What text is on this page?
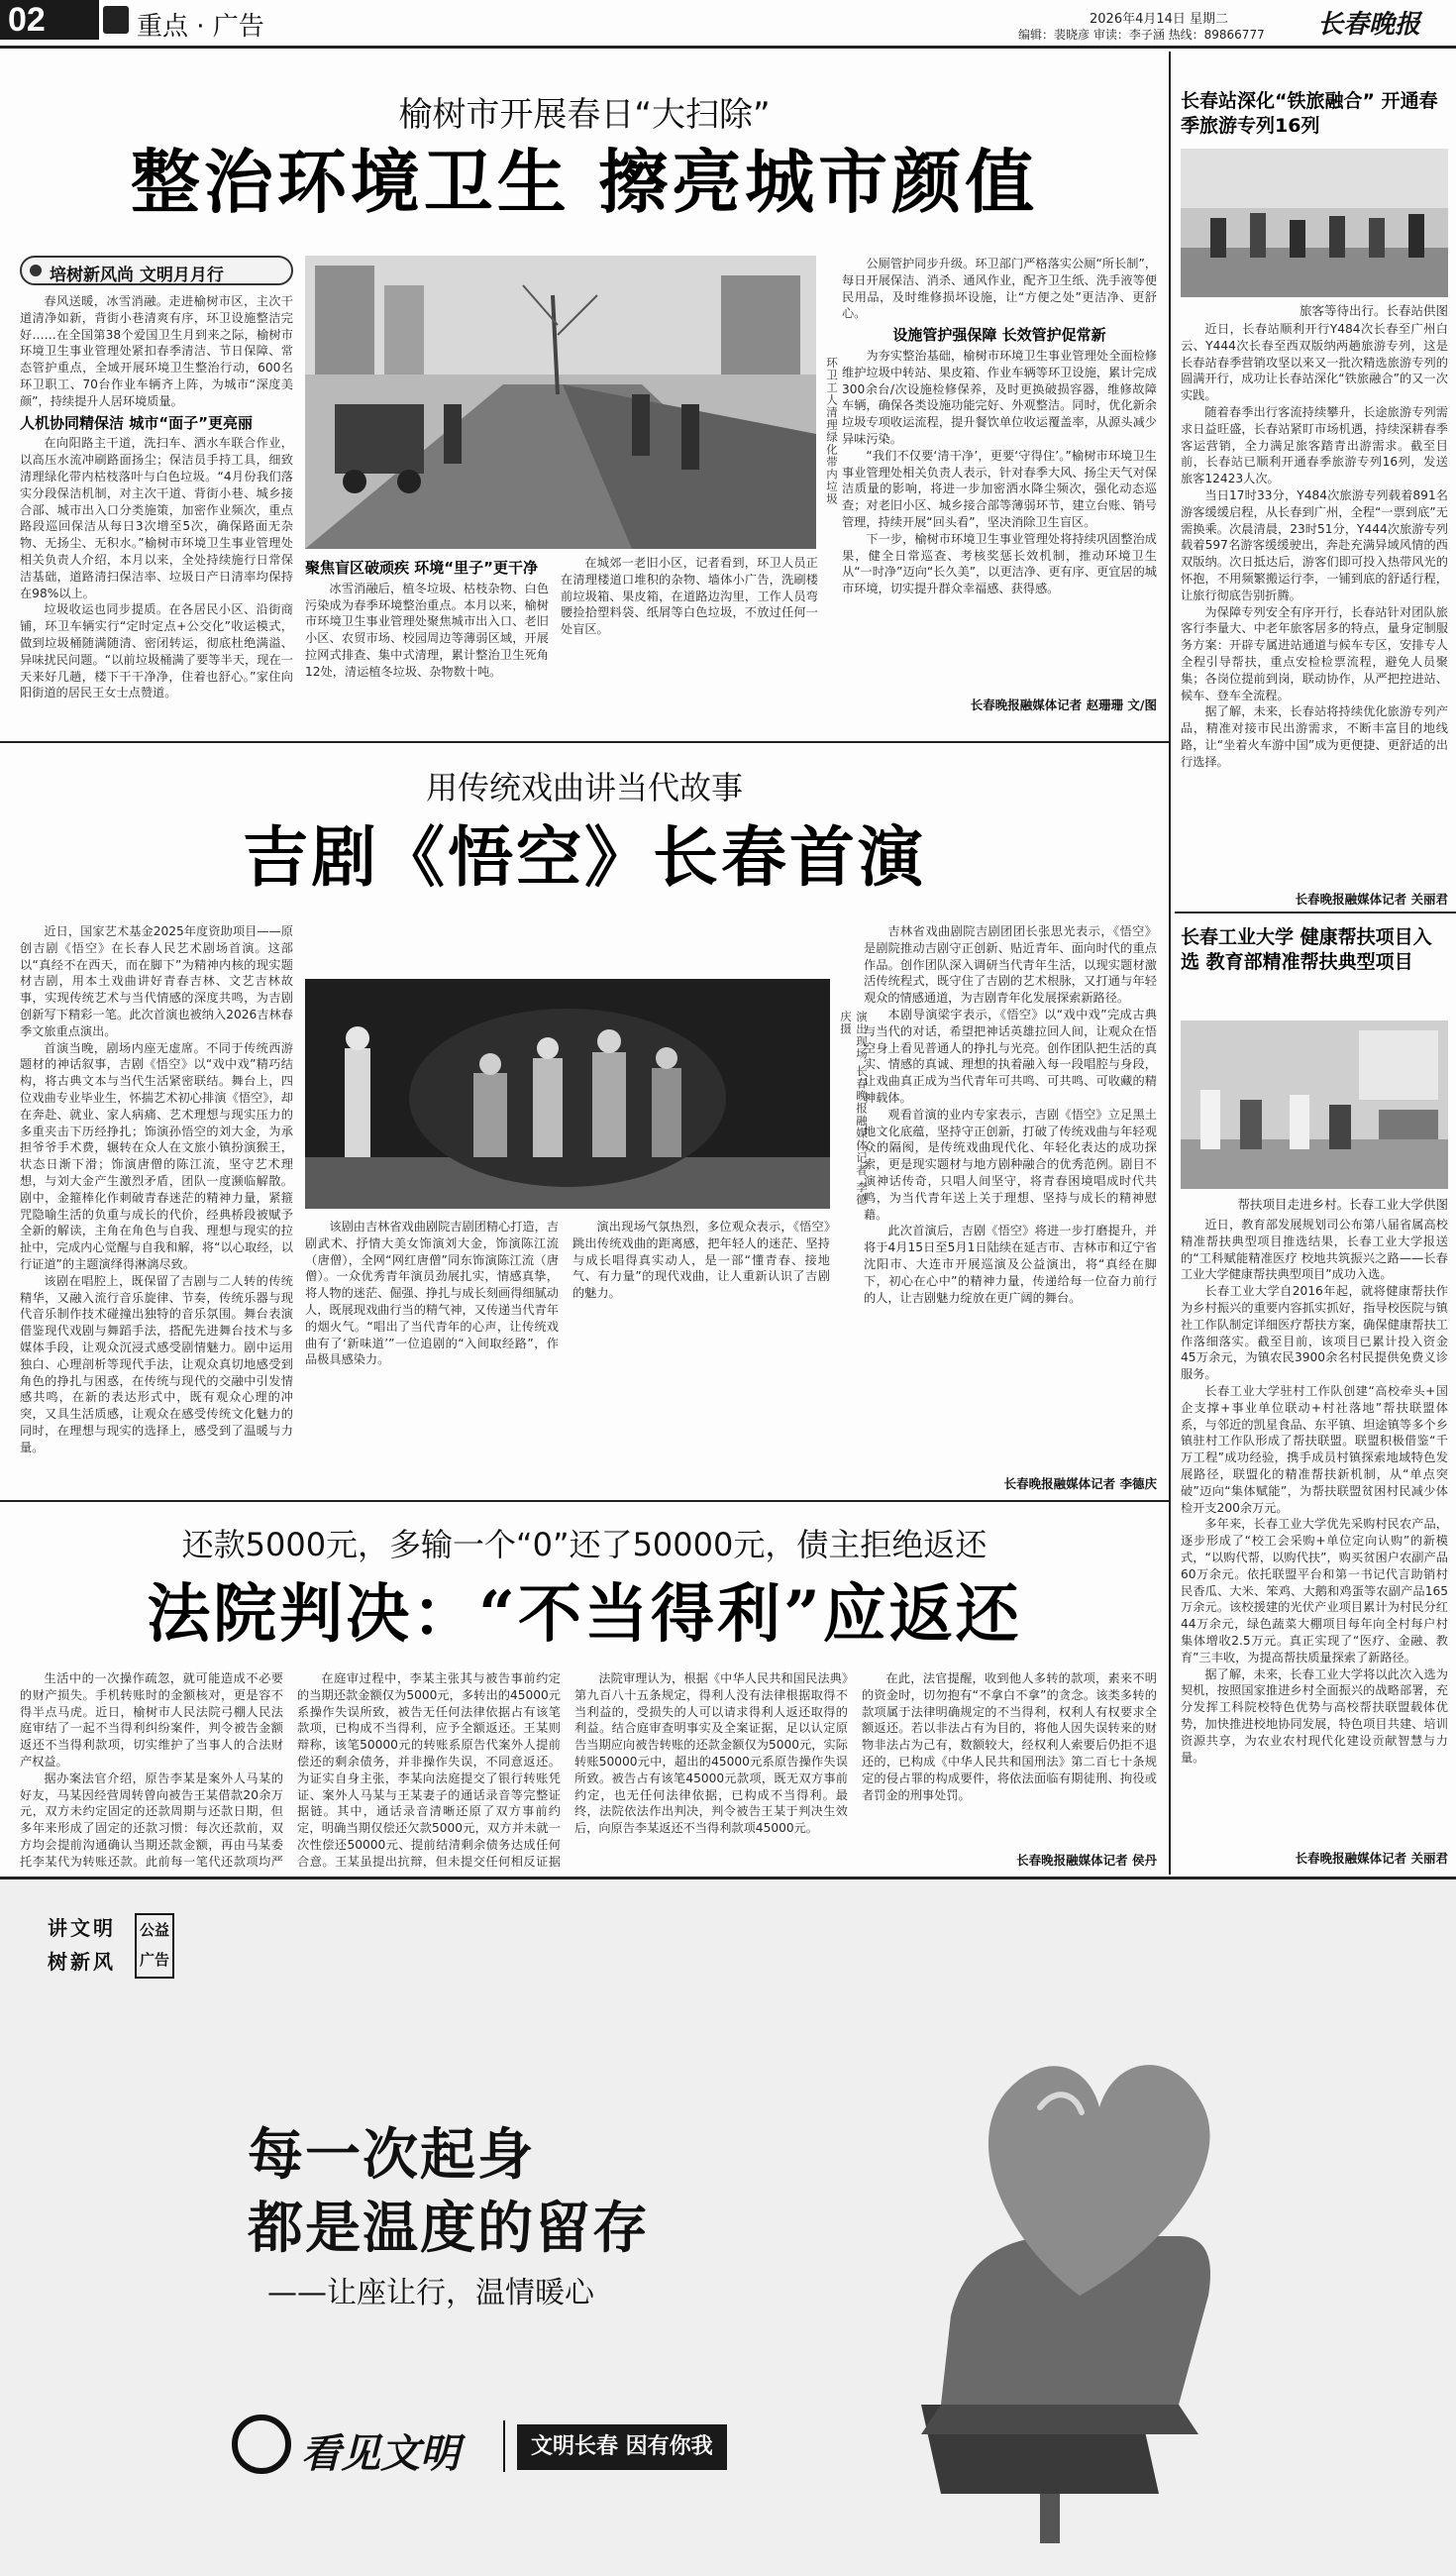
02	重点 · 广告	2026年4月14日 星期二
编辑：裴晓彦 审读：李子涵 热线：89866777 长春晚报
榆树市开展春日“大扫除”
整治环境卫生 擦亮城市颜值
培树新风尚 文明月月行

春风送暖，冰雪消融。走进榆树市区，主次干道清净如新，背街小巷清爽有序，环卫设施整洁完好……在全国第38个爱国卫生月到来之际，榆树市环境卫生事业管理处紧扣春季清洁、节日保障、常态管护重点，全域开展环境卫生整治行动，600名环卫职工、70台作业车辆齐上阵，为城市“深度美颜”，持续提升人居环境质量。

人机协同精保洁 城市“面子”更亮丽

在向阳路主干道，洗扫车、洒水车联合作业，以高压水流冲刷路面扬尘；保洁员手持工具，细致清理绿化带内枯枝落叶与白色垃圾。“4月份我们落实分段保洁机制，对主次干道、背街小巷、城乡接合部、城市出入口分类施策，加密作业频次，重点路段巡回保洁从每日3次增至5次，确保路面无杂物、无扬尘、无积水。”榆树市环境卫生事业管理处相关负责人介绍，本月以来，全处持续施行日常保洁基础，道路清扫保洁率、垃圾日产日清率均保持在98%以上。

垃圾收运也同步提质。在各居民小区、沿街商铺，环卫车辆实行“定时定点+公交化”收运模式，做到垃圾桶随满随清、密闭转运，彻底杜绝满溢、异味扰民问题。“以前垃圾桶满了要等半天，现在一天来好几趟，楼下干干净净，住着也舒心。”家住向阳街道的居民王女士点赞道。

环卫工人清理绿化带内垃圾
聚焦盲区破顽疾 环境“里子”更干净

冰雪消融后，植冬垃圾、枯枝杂物、白色污染成为春季环境整治重点。本月以来，榆树市环境卫生事业管理处聚焦城市出入口、老旧小区、农贸市场、校园周边等薄弱区域，开展拉网式排查、集中式清理，累计整治卫生死角12处，清运植冬垃圾、杂物数十吨。

在城郊一老旧小区，记者看到，环卫人员正在清理楼道口堆积的杂物、墙体小广告，洗刷楼前垃圾箱、果皮箱，在道路边沟里，工作人员弯腰捡拾塑料袋、纸屑等白色垃圾，不放过任何一处盲区。

公厕管护同步升级。环卫部门严格落实公厕“所长制”，每日开展保洁、消杀、通风作业，配齐卫生纸、洗手液等便民用品，及时维修损坏设施，让“方便之处”更洁净、更舒心。

设施管护强保障 长效管护促常新

为夯实整治基础，榆树市环境卫生事业管理处全面检修维护垃圾中转站、果皮箱、作业车辆等环卫设施，累计完成300余台/次设施检修保养，及时更换破损容器，维修故障车辆，确保各类设施功能完好、外观整洁。同时，优化新余垃圾专项收运流程，提升餐饮单位收运覆盖率，从源头减少异味污染。

“我们不仅要‘清干净’，更要‘守得住’。”榆树市环境卫生事业管理处相关负责人表示，针对春季大风、扬尘天气对保洁质量的影响，将进一步加密洒水降尘频次，强化动态巡查；对老旧小区、城乡接合部等薄弱环节，建立台账、销号管理，持续开展“回头看”，坚决消除卫生盲区。

下一步，榆树市环境卫生事业管理处将持续巩固整治成果，健全日常巡查、考核奖惩长效机制，推动环境卫生从“一时净”迈向“长久美”，以更洁净、更有序、更宜居的城市环境，切实提升群众幸福感、获得感。

长春晚报融媒体记者 赵珊珊 文/图
用传统戏曲讲当代故事
吉剧《悟空》长春首演

近日，国家艺术基金2025年度资助项目——原创吉剧《悟空》在长春人民艺术剧场首演。这部以“真经不在西天，而在脚下”为精神内核的现实题材吉剧，用本土戏曲讲好青春吉林、文艺吉林故事，实现传统艺术与当代情感的深度共鸣，为吉剧创新写下精彩一笔。此次首演也被纳入2026吉林春季文旅重点演出。

首演当晚，剧场内座无虚席。不同于传统西游题材的神话叙事，吉剧《悟空》以“戏中戏”精巧结构，将古典文本与当代生活紧密联结。舞台上，四位戏曲专业毕业生，怀揣艺术初心排演《悟空》，却在奔赴、就业、家人病痛、艺术理想与现实压力的多重夹击下历经挣扎；饰演孙悟空的刘大金，为承担爷爷手术费，辗转在众人在文旅小镇扮演猴王，状态日渐下滑；饰演唐僧的陈江流，坚守艺术理想，与刘大金产生激烈矛盾，团队一度濒临解散。剧中，金箍棒化作刺破青春迷茫的精神力量，紧箍咒隐喻生活的负重与成长的代价，经典桥段被赋予全新的解读，主角在角色与自我、理想与现实的拉扯中，完成内心觉醒与自我和解，将“以心取经，以行证道”的主题演绎得淋漓尽致。

该剧在唱腔上，既保留了吉剧与二人转的传统精华，又融入流行音乐旋律、节奏，传统乐器与现代音乐制作技术碰撞出独特的音乐氛围。舞台表演借鉴现代戏剧与舞蹈手法，搭配先进舞台技术与多媒体手段，让观众沉浸式感受剧情魅力。剧中运用独白、心理剖析等现代手法，让观众真切地感受到角色的挣扎与困惑，在传统与现代的交融中引发情感共鸣，在新的表达形式中，既有观众心理的冲突，又具生活质感，让观众在感受传统文化魅力的同时，在理想与现实的选择上，感受到了温暖与力量。

演出现场 长春晚报融媒体记者 李德庆摄

该剧由吉林省戏曲剧院吉剧团精心打造，吉剧武术、抒情大美女饰演刘大金，饰演陈江流（唐僧），全网“网红唐僧”同东饰演陈江流（唐僧）。一众优秀青年演员劲展扎实，情感真挚，将人物的迷茫、倔强、挣扎与成长刻画得细腻动人，既展现戏曲行当的精气神，又传递当代青年的烟火气。“唱出了当代青年的心声，让传统戏曲有了‘新味道’”一位追剧的“入间取经路”，作品极具感染力。

演出现场气氛热烈，多位观众表示，《悟空》跳出传统戏曲的距离感，把年轻人的迷茫、坚持与成长唱得真实动人，是一部“懂青春、接地气、有力量”的现代戏曲，让人重新认识了吉剧的魅力。

吉林省戏曲剧院吉剧团团长张思光表示，《悟空》是剧院推动吉剧守正创新、贴近青年、面向时代的重点作品。创作团队深入调研当代青年生活，以现实题材激活传统程式，既守住了吉剧的艺术根脉，又打通与年轻观众的情感通道，为吉剧青年化发展探索新路径。

本剧导演梁宇表示，《悟空》以“戏中戏”完成古典与当代的对话，希望把神话英雄拉回人间，让观众在悟空身上看见普通人的挣扎与光亮。创作团队把生活的真实、情感的真诚、理想的执着融入每一段唱腔与身段，让戏曲真正成为当代青年可共鸣、可共鸣、可收藏的精神载体。

观看首演的业内专家表示，吉剧《悟空》立足黑土地文化底蕴，坚持守正创新，打破了传统戏曲与年轻观众的隔阂，是传统戏曲现代化、年轻化表达的成功探索，更是现实题材与地方剧种融合的优秀范例。剧目不演神话传奇，只唱人间坚守，将青春困境唱成时代共鸣，为当代青年送上关于理想、坚持与成长的精神慰藉。

此次首演后，吉剧《悟空》将进一步打磨提升，并将于4月15日至5月1日陆续在延吉市、吉林市和辽宁省沈阳市、大连市开展巡演及公益演出，将“真经在脚下，初心在心中”的精神力量，传递给每一位奋力前行的人，让吉剧魅力绽放在更广阔的舞台。

长春晚报融媒体记者 李德庆
还款5000元，多输一个“0”还了50000元，债主拒绝返还
法院判决：“不当得利”应返还

生活中的一次操作疏忽，就可能造成不必要的财产损失。手机转账时的金额核对，更是容不得半点马虎。近日，榆树市人民法院弓棚人民法庭审结了一起不当得利纠纷案件，判令被告金额返还不当得利款项，切实维护了当事人的合法财产权益。

据办案法官介绍，原告李某是案外人马某的好友，马某因经营周转曾向被告王某借款20余万元，双方未约定固定的还款周期与还款日期，但多年来形成了固定的还款习惯：每次还款前，双方均会提前沟通确认当期还款金额，再由马某委托李某代为转账还款。此前每一笔代还款项均严

在庭审过程中，李某主张其与被告事前约定的当期还款金额仅为5000元，多转出的45000元系操作失误所致，被告无任何法律依据占有该笔款项，已构成不当得利，应予全额返还。王某则辩称，该笔50000元的转账系原告代案外人提前偿还的剩余债务，并非操作失误，不同意返还。为证实自身主张，李某向法庭提交了银行转账凭证、案外人马某与王某妻子的通话录音等完整证据链。其中，通话录音清晰还原了双方事前约定，明确当期仅偿还欠款5000元，双方并未就一次性偿还50000元、提前结清剩余债务达成任何合意。王某虽提出抗辩，但未提交任何相反证据

法院审理认为，根据《中华人民共和国民法典》第九百八十五条规定，得利人没有法律根据取得不当利益的，受损失的人可以请求得利人返还取得的利益。结合庭审查明事实及全案证据，足以认定原告当期应向被告转账的还款金额仅为5000元，实际转账50000元中，超出的45000元系原告操作失误所致。被告占有该笔45000元款项，既无双方事前约定，也无任何法律依据，已构成不当得利。最终，法院依法作出判决，判令被告王某于判决生效后，向原告李某返还不当得利款项45000元。

在此，法官提醒，收到他人多转的款项，素来不明的资金时，切勿抱有“不拿白不拿”的贪念。该类多转的款项属于法律明确规定的不当得利，权利人有权要求全额返还。若以非法占有为目的，将他人因失误转来的财物非法占为己有，数额较大，经权利人索要后仍拒不退还的，已构成《中华人民共和国刑法》第二百七十条规定的侵占罪的构成要件，将依法面临有期徒刑、拘役或者罚金的刑事处罚。

长春晚报融媒体记者 侯丹
长春站深化“铁旅融合” 开通春季旅游专列16列
旅客等待出行。长春站供图

近日，长春站顺利开行Y484次长春至广州白云、Y444次长春至西双版纳两趟旅游专列，这是长春站春季营销攻坚以来又一批次精选旅游专列的圆满开行，成功让长春站深化“铁旅融合”的又一次实践。

随着春季出行客流持续攀升，长途旅游专列需求日益旺盛，长春站紧盯市场机遇，持续深耕春季客运营销，全力满足旅客踏青出游需求。截至目前，长春站已顺利开通春季旅游专列16列，发送旅客12423人次。

当日17时33分，Y484次旅游专列载着891名游客缓缓启程，从长春到广州，全程“一票到底”无需换乘。次晨清晨，23时51分，Y444次旅游专列载着597名游客缓缓驶出，奔赴充满异域风情的西双版纳。次日抵达后，游客们即可投入热带风光的怀抱，不用频繁搬运行李，一铺到底的舒适行程，让旅行彻底告别折腾。

为保障专列安全有序开行，长春站针对团队旅客行李量大、中老年旅客居多的特点，量身定制服务方案：开辟专属进站通道与候车专区，安排专人全程引导帮扶，重点安检检票流程，避免人员聚集；各岗位提前到岗，联动协作，从严把控进站、候车、登车全流程。

据了解，未来，长春站将持续优化旅游专列产品，精准对接市民出游需求，不断丰富目的地线路，让“坐着火车游中国”成为更便捷、更舒适的出行选择。

长春晚报融媒体记者 关丽君
长春工业大学 健康帮扶项目入选 教育部精准帮扶典型项目
帮扶项目走进乡村。长春工业大学供图

近日，教育部发展规划司公布第八届省属高校精准帮扶典型项目推选结果，长春工业大学报送的“工科赋能精准医疗 校地共筑振兴之路——长春工业大学健康帮扶典型项目”成功入选。

长春工业大学自2016年起，就将健康帮扶作为乡村振兴的重要内容抓实抓好，指导校医院与镇社工作队制定详细医疗帮扶方案，确保健康帮扶工作落细落实。截至目前，该项目已累计投入资金45万余元，为镇农民3900余名村民提供免费义诊服务。

长春工业大学驻村工作队创建“高校牵头+国企支撑+事业单位联动+村社落地”帮扶联盟体系，与邻近的凯星食品、东平镇、坦途镇等多个乡镇驻村工作队形成了帮扶联盟。联盟积极借鉴“千万工程”成功经验，携手成员村镇探索地域特色发展路径，联盟化的精准帮扶新机制，从“单点突破”迈向“集体赋能”，为帮扶联盟贫困村民减少体检开支200余万元。

多年来，长春工业大学优先采购村民农产品，逐步形成了“校工会采购+单位定向认购”的新模式，“以购代帮，以购代扶”，购买贫困户农副产品60万余元。依托联盟平台和第一书记代言助销村民香瓜、大米、笨鸡、大鹅和鸡蛋等农副产品165万余元。该校援建的光伏产业项目累计为村民分红44万余元，绿色蔬菜大棚项目每年向全村每户村集体增收2.5万元。真正实现了“医疗、金融、教育”三丰收，为提高帮扶质量探索了新路径。

据了解，未来，长春工业大学将以此次入选为契机，按照国家推进乡村全面振兴的战略部署，充分发挥工科院校特色优势与高校帮扶联盟载体优势，加快推进校地协同发展，特色项目共建、培训资源共享，为农业农村现代化建设贡献智慧与力量。

长春晚报融媒体记者 关丽君
讲文明 树新风
公益
广告
每一次起身
都是温度的留存
——让座让行，温情暖心
看见文明	文明长春 因有你我
